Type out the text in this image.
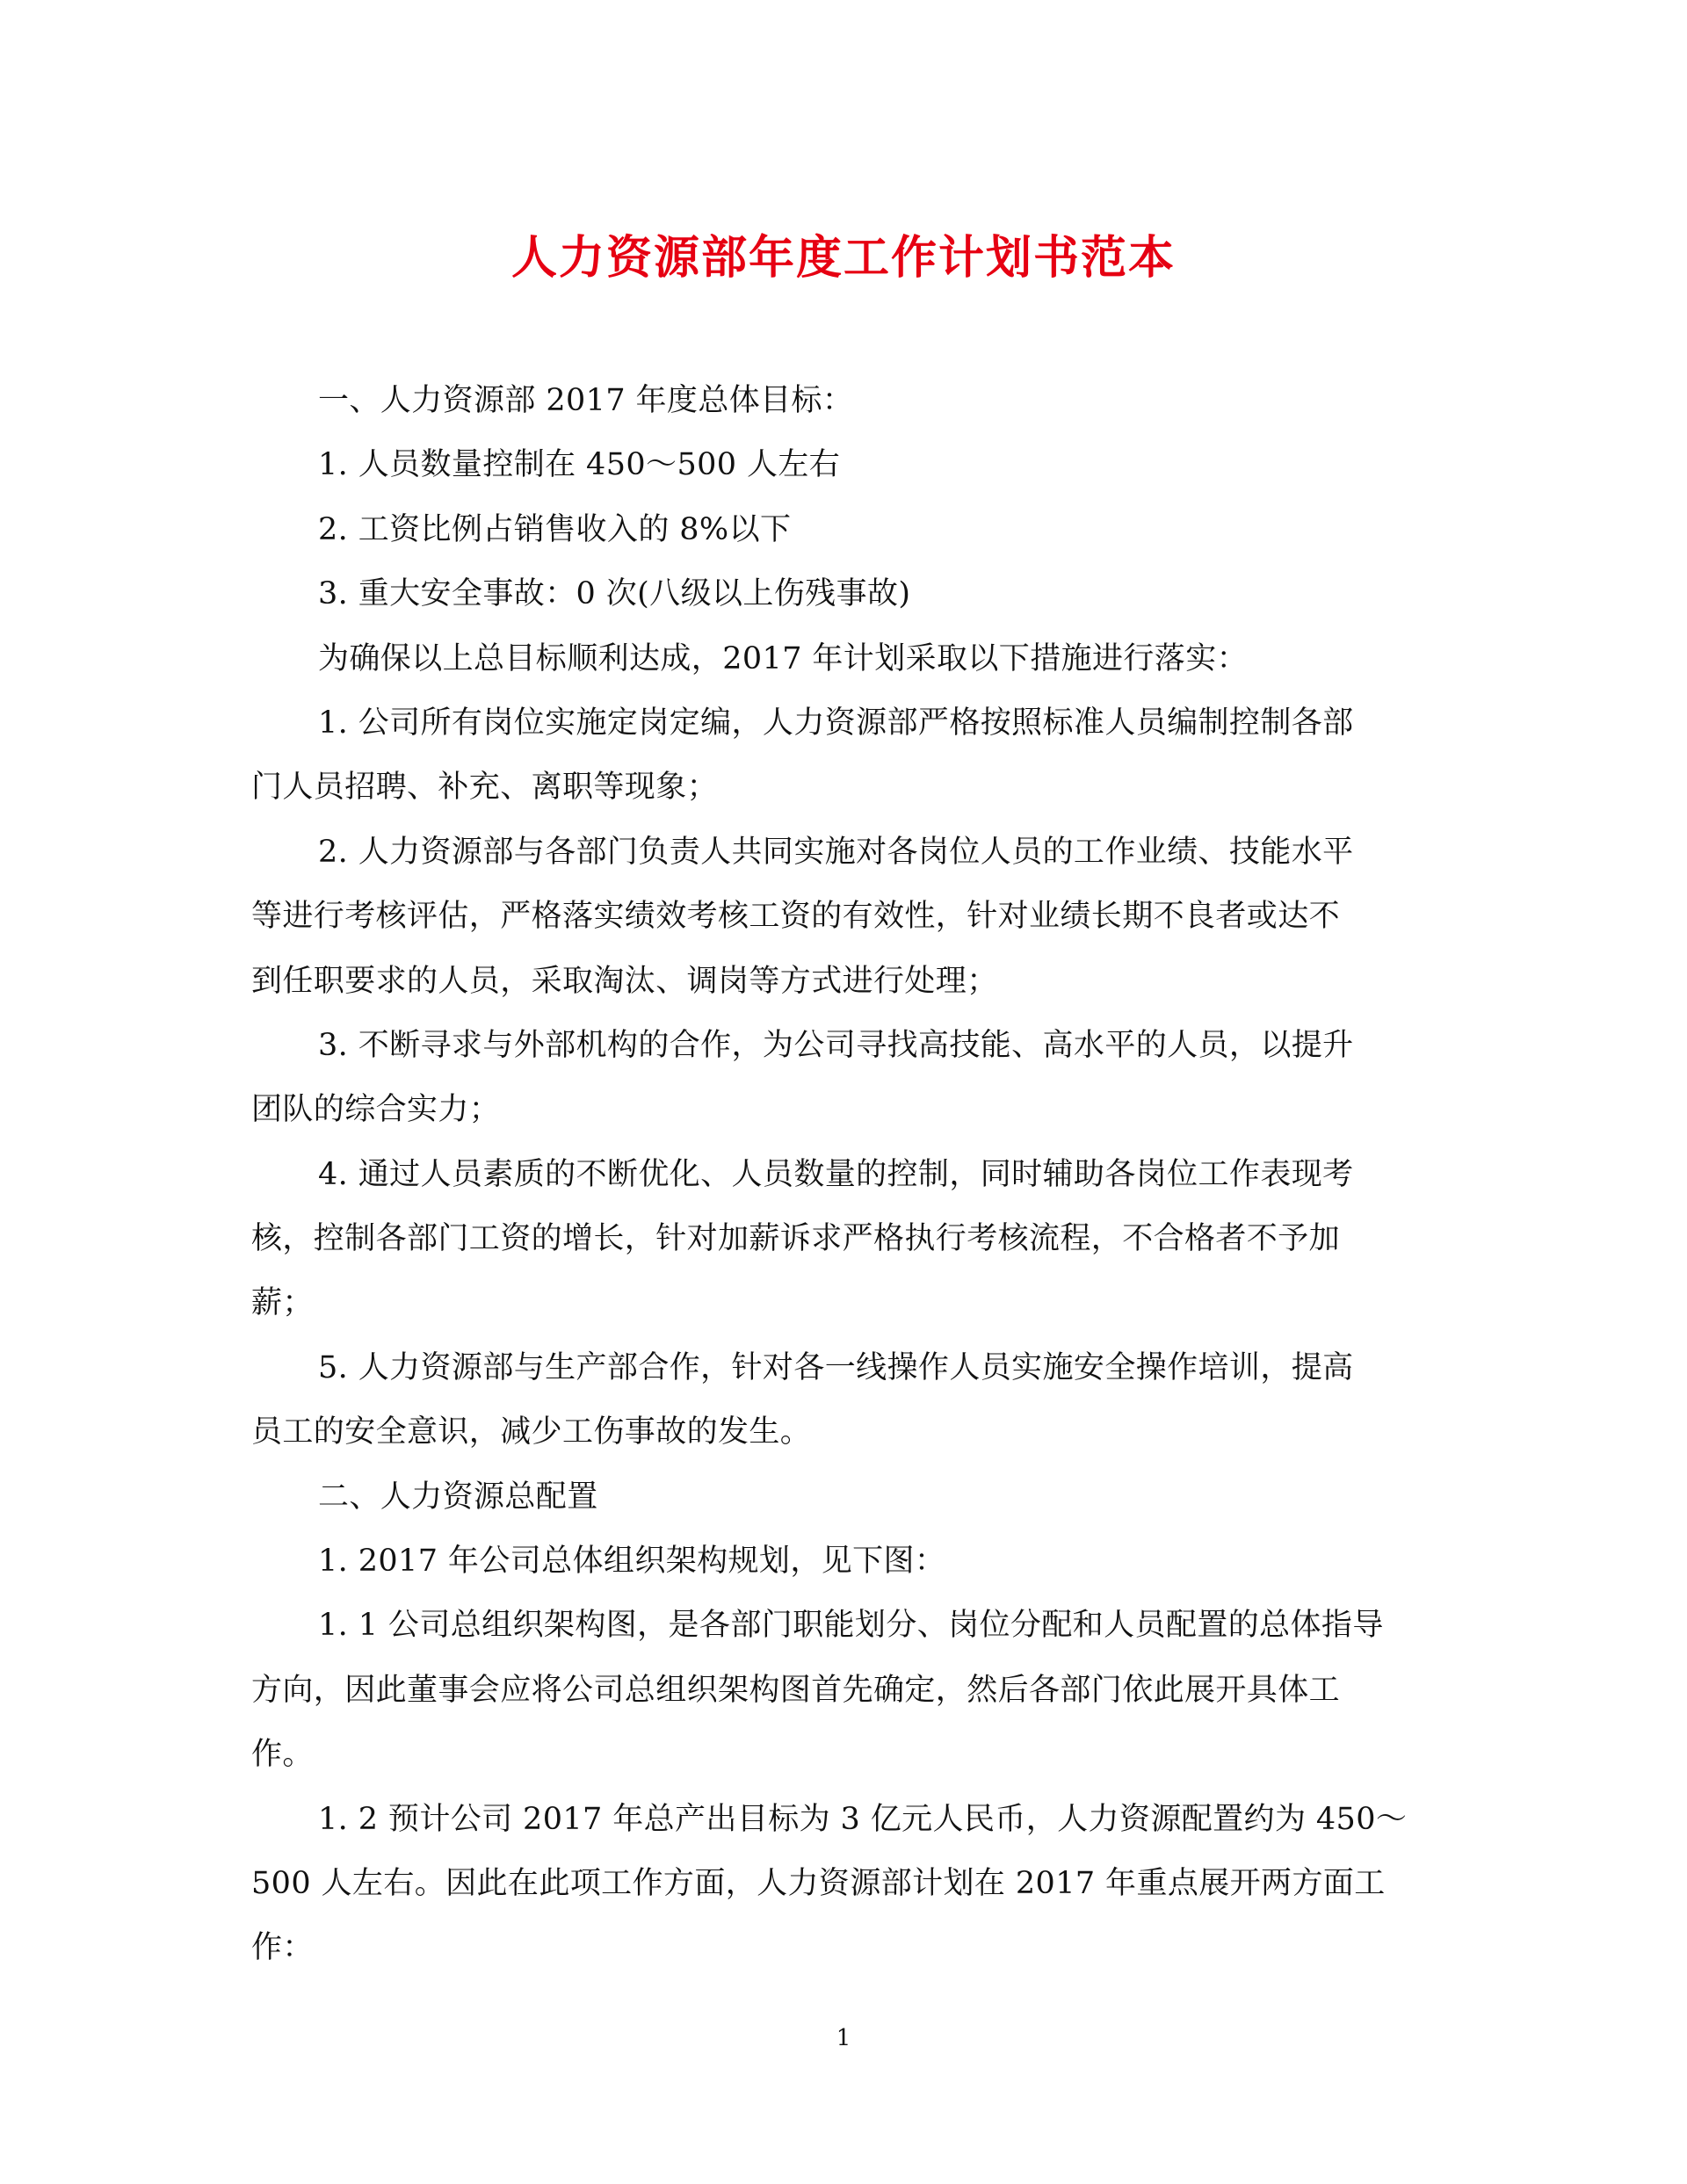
人力资源部年度工作计划书范本
一、人力资源部 2017 年度总体目标：
1. 人员数量控制在 450～500 人左右
2. 工资比例占销售收入的 8%以下
3. 重大安全事故：0 次(八级以上伤残事故)
为确保以上总目标顺利达成，2017 年计划采取以下措施进行落实：
1. 公司所有岗位实施定岗定编，人力资源部严格按照标准人员编制控制各部
门人员招聘、补充、离职等现象；
2. 人力资源部与各部门负责人共同实施对各岗位人员的工作业绩、技能水平
等进行考核评估，严格落实绩效考核工资的有效性，针对业绩长期不良者或达不
到任职要求的人员，采取淘汰、调岗等方式进行处理；
3. 不断寻求与外部机构的合作，为公司寻找高技能、高水平的人员，以提升
团队的综合实力；
4. 通过人员素质的不断优化、人员数量的控制，同时辅助各岗位工作表现考
核，控制各部门工资的增长，针对加薪诉求严格执行考核流程，不合格者不予加
薪；
5. 人力资源部与生产部合作，针对各一线操作人员实施安全操作培训，提高
员工的安全意识，减少工伤事故的发生。
二、人力资源总配置
1. 2017 年公司总体组织架构规划，见下图：
1. 1 公司总组织架构图，是各部门职能划分、岗位分配和人员配置的总体指导
方向，因此董事会应将公司总组织架构图首先确定，然后各部门依此展开具体工
作。
1. 2 预计公司 2017 年总产出目标为 3 亿元人民币，人力资源配置约为 450～
500 人左右。因此在此项工作方面，人力资源部计划在 2017 年重点展开两方面工
作：
1
